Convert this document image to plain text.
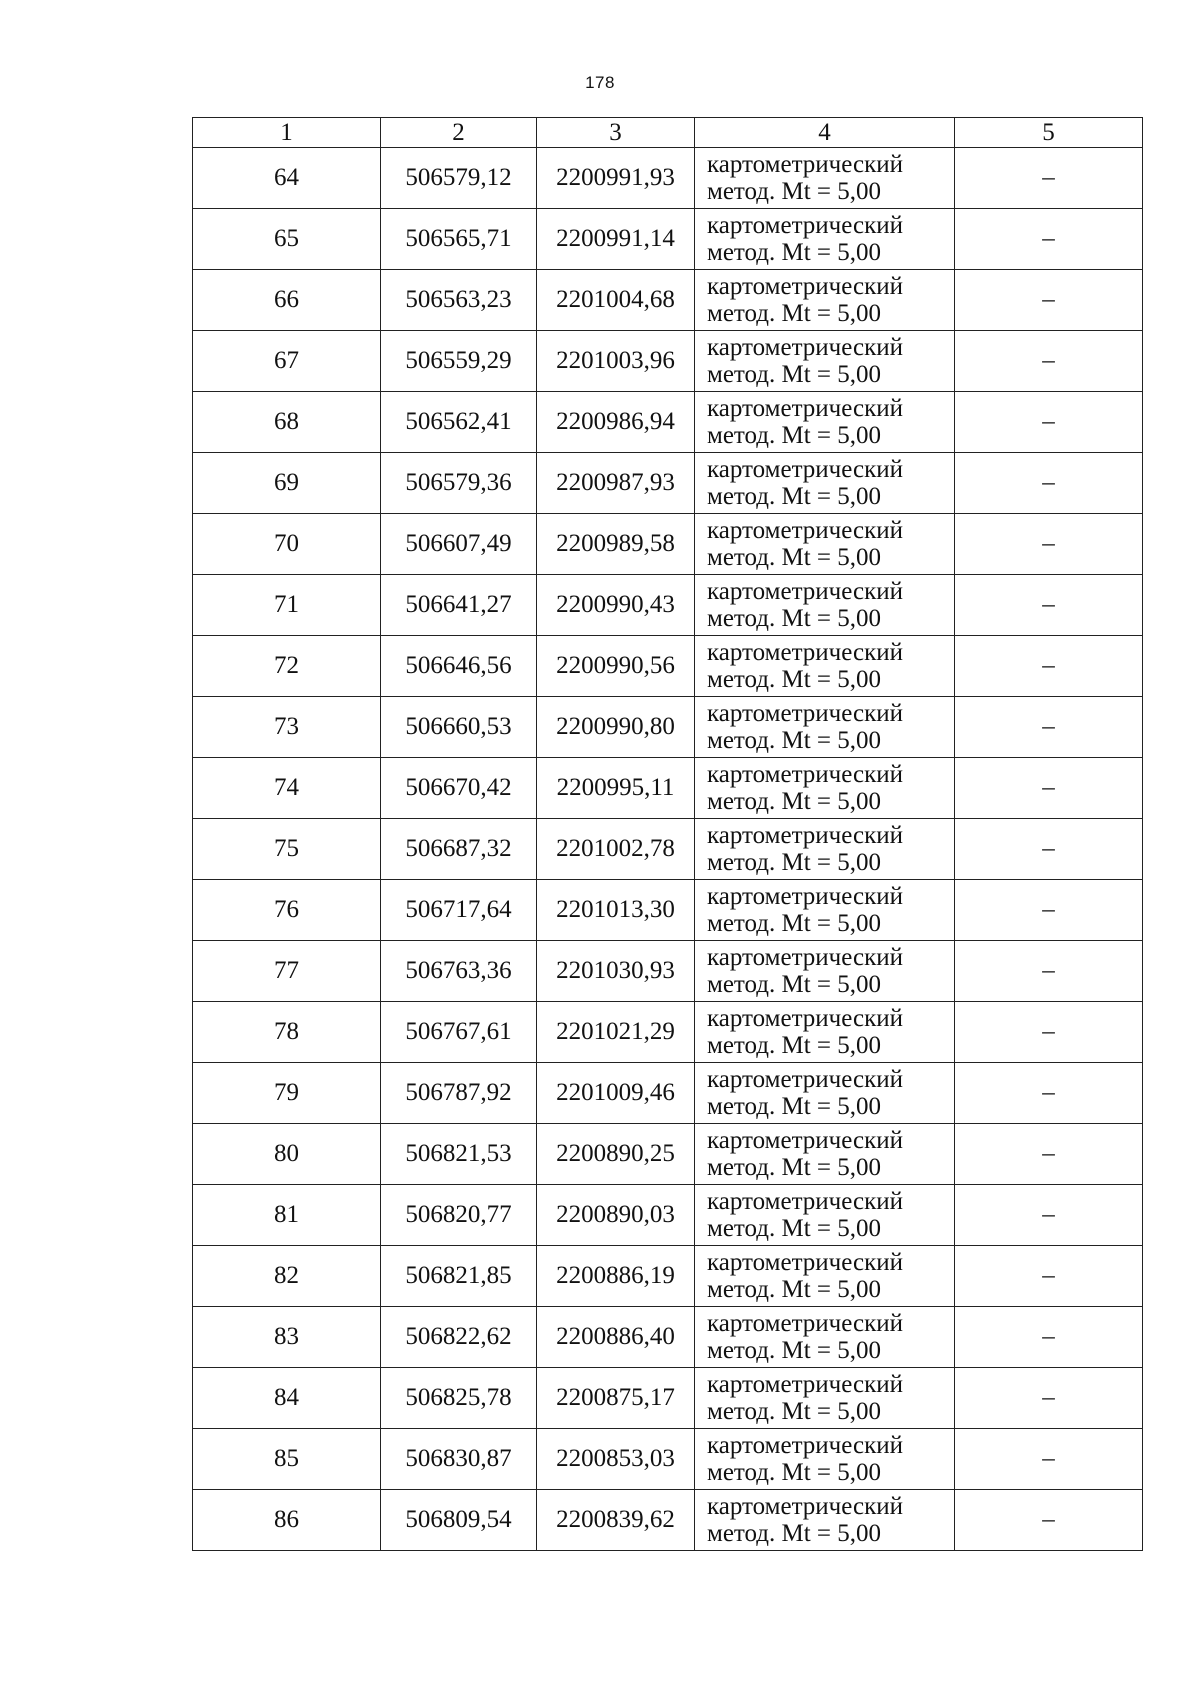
178
1	2	3	4	5
64	506579,12	2200991,93	картометрический
метод. Mt = 5,00	–
65	506565,71	2200991,14	картометрический
метод. Mt = 5,00	–
66	506563,23	2201004,68	картометрический
метод. Mt = 5,00	–
67	506559,29	2201003,96	картометрический
метод. Mt = 5,00	–
68	506562,41	2200986,94	картометрический
метод. Mt = 5,00	–
69	506579,36	2200987,93	картометрический
метод. Mt = 5,00	–
70	506607,49	2200989,58	картометрический
метод. Mt = 5,00	–
71	506641,27	2200990,43	картометрический
метод. Mt = 5,00	–
72	506646,56	2200990,56	картометрический
метод. Mt = 5,00	–
73	506660,53	2200990,80	картометрический
метод. Mt = 5,00	–
74	506670,42	2200995,11	картометрический
метод. Mt = 5,00	–
75	506687,32	2201002,78	картометрический
метод. Mt = 5,00	–
76	506717,64	2201013,30	картометрический
метод. Mt = 5,00	–
77	506763,36	2201030,93	картометрический
метод. Mt = 5,00	–
78	506767,61	2201021,29	картометрический
метод. Mt = 5,00	–
79	506787,92	2201009,46	картометрический
метод. Mt = 5,00	–
80	506821,53	2200890,25	картометрический
метод. Mt = 5,00	–
81	506820,77	2200890,03	картометрический
метод. Mt = 5,00	–
82	506821,85	2200886,19	картометрический
метод. Mt = 5,00	–
83	506822,62	2200886,40	картометрический
метод. Mt = 5,00	–
84	506825,78	2200875,17	картометрический
метод. Mt = 5,00	–
85	506830,87	2200853,03	картометрический
метод. Mt = 5,00	–
86	506809,54	2200839,62	картометрический
метод. Mt = 5,00	–
